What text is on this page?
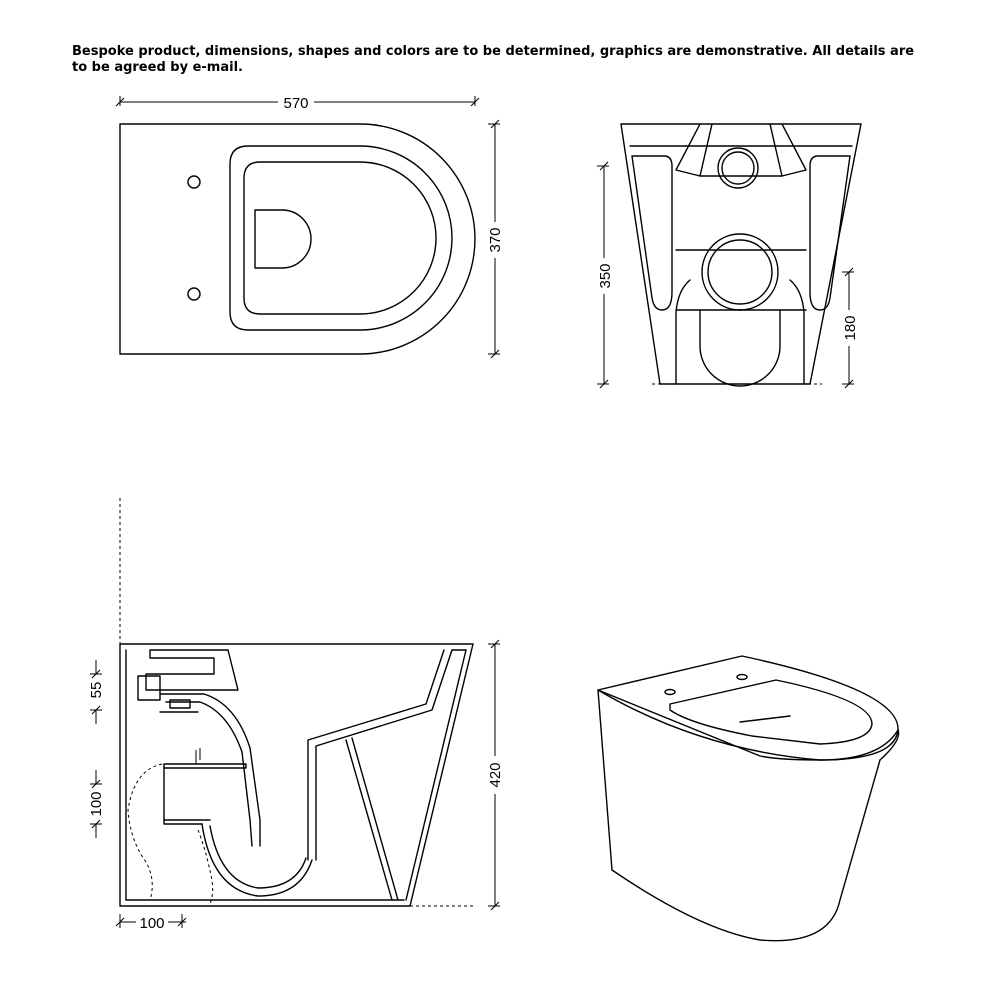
Bespoke product, dimensions, shapes and colors are to be determined, graphics are demonstrative. All details are to be agreed by e-mail.
570
370
350
180
420
55
100
100
